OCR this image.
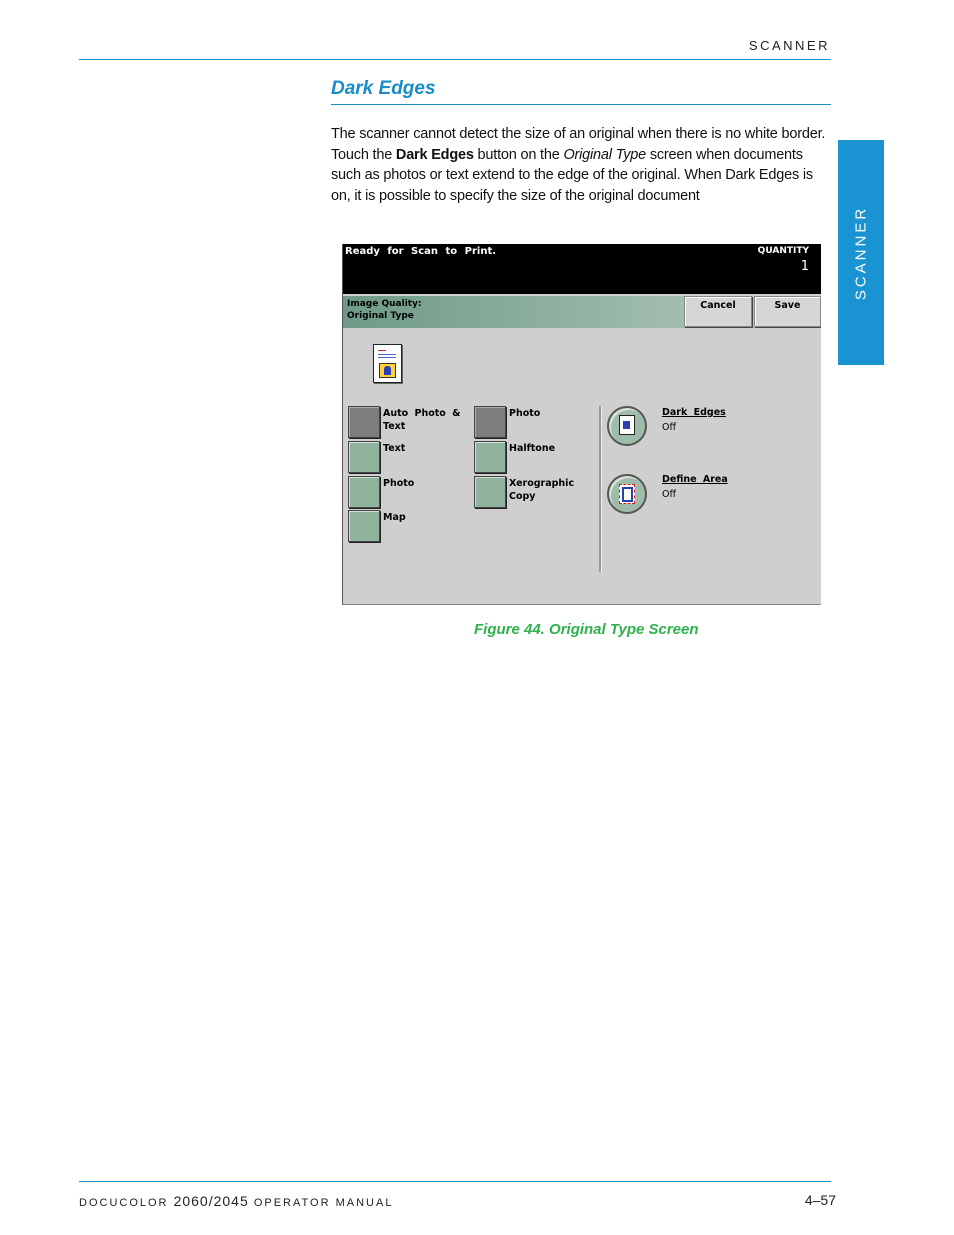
SCANNER
Dark Edges
The scanner cannot detect the size of an original when there is no white border. Touch the Dark Edges button on the Original Type screen when documents such as photos or text extend to the edge of the original. When Dark Edges is on, it is possible to specify the size of the original document
SCANNER
Ready for Scan to Print.	QUANTITY
1
Image Quality:
Original Type
Cancel	Save
Auto Photo & Text
Text
Photo
Map
Photo
Halftone
Xerographic Copy
Dark Edges
Off
Define Area
Off
Figure 44. Original Type Screen
DOCUCOLOR 2060/2045 OPERATOR MANUAL	4–57
